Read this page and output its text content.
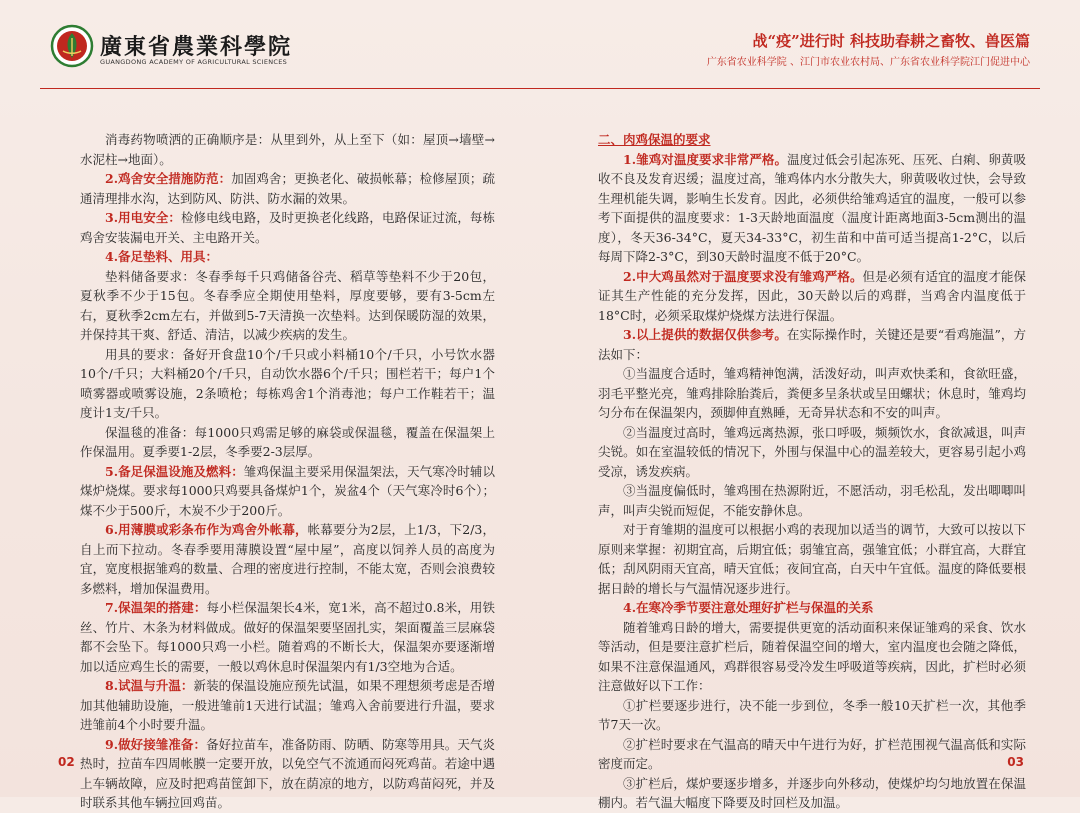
廣東省農業科學院
GUANGDONG ACADEMY OF AGRICULTURAL SCIENCES
战“疫”进行时 科技助春耕之畜牧、兽医篇
广东省农业科学院 、江门市农业农村局、广东省农业科学院江门促进中心

消毒药物喷洒的正确顺序是：从里到外，从上至下（如：屋顶→墙壁→水泥柱→地面）。

2.鸡舍安全措施防范：加固鸡舍；更换老化、破损帐幕；检修屋顶；疏通清理排水沟，达到防风、防洪、防水漏的效果。

3.用电安全：检修电线电路，及时更换老化线路，电路保证过流，每栋鸡舍安装漏电开关、主电路开关。

4.备足垫料、用具：

垫料储备要求：冬春季每千只鸡储备谷壳、稻草等垫料不少于20包，夏秋季不少于15包。冬春季应全期使用垫料，厚度要够，要有3-5cm左右，夏秋季2cm左右，并做到5-7天清换一次垫料。达到保暖防湿的效果，并保持其干爽、舒适、清洁，以减少疾病的发生。

用具的要求：备好开食盘10个/千只或小料桶10个/千只，小号饮水器10个/千只；大料桶20个/千只，自动饮水器6个/千只；围栏若干；每户1个喷雾器或喷雾设施，2条喷枪；每栋鸡舍1个消毒池；每户工作鞋若干；温度计1支/千只。

保温毯的准备：每1000只鸡需足够的麻袋或保温毯，覆盖在保温架上作保温用。夏季要1-2层，冬季要2-3层厚。

5.备足保温设施及燃料：雏鸡保温主要采用保温架法，天气寒冷时辅以煤炉烧煤。要求每1000只鸡要具备煤炉1个，炭盆4个（天气寒冷时6个）；煤不少于500斤，木炭不少于200斤。

6.用薄膜或彩条布作为鸡舍外帐幕，帐幕要分为2层，上1/3，下2/3，自上而下拉动。冬春季要用薄膜设置“屋中屋”，高度以饲养人员的高度为宜，宽度根据雏鸡的数量、合理的密度进行控制，不能太宽，否则会浪费较多燃料，增加保温费用。

7.保温架的搭建：每小栏保温架长4米，宽1米，高不超过0.8米，用铁丝、竹片、木条为材料做成。做好的保温架要坚固扎实，架面覆盖三层麻袋都不会坠下。每1000只鸡一小栏。随着鸡的不断长大，保温架亦要逐渐增加以适应鸡生长的需要，一般以鸡休息时保温架内有1/3空地为合适。

8.试温与升温：新装的保温设施应预先试温，如果不理想须考虑是否增加其他辅助设施，一般进雏前1天进行试温；雏鸡入舍前要进行升温，要求进雏前4个小时要升温。

9.做好接雏准备：备好拉苗车，准备防雨、防晒、防寒等用具。天气炎热时，拉苗车四周帐膜一定要开放，以免空气不流通而闷死鸡苗。若途中遇上车辆故障，应及时把鸡苗筐卸下，放在荫凉的地方，以防鸡苗闷死，并及时联系其他车辆拉回鸡苗。

二、肉鸡保温的要求

1.雏鸡对温度要求非常严格。温度过低会引起冻死、压死、白痢、卵黄吸收不良及发育迟缓；温度过高，雏鸡体内水分散失大，卵黄吸收过快，会导致生理机能失调，影响生长发育。因此，必须供给雏鸡适宜的温度，一般可以参考下面提供的温度要求：1-3天龄地面温度（温度计距离地面3-5cm测出的温度），冬天36-34°C，夏天34-33°C，初生苗和中苗可适当提高1-2°C，以后每周下降2-3°C，到30天龄时温度不低于20°C。

2.中大鸡虽然对于温度要求没有雏鸡严格。但是必须有适宜的温度才能保证其生产性能的充分发挥，因此，30天龄以后的鸡群，当鸡舍内温度低于18°C时，必须采取煤炉烧煤方法进行保温。

3.以上提供的数据仅供参考。在实际操作时，关键还是要“看鸡施温”，方法如下：

①当温度合适时，雏鸡精神饱满，活泼好动，叫声欢快柔和，食欲旺盛，羽毛平整光亮，雏鸡排除胎粪后，粪便多呈条状或呈田螺状；休息时，雏鸡均匀分布在保温架内，颈脚伸直熟睡，无奇异状态和不安的叫声。

②当温度过高时，雏鸡远离热源，张口呼吸，频频饮水，食欲减退，叫声尖锐。如在室温较低的情况下，外围与保温中心的温差较大，更容易引起小鸡受凉，诱发疾病。

③当温度偏低时，雏鸡围在热源附近，不愿活动，羽毛松乱，发出唧唧叫声，叫声尖锐而短促，不能安静休息。

对于育雏期的温度可以根据小鸡的表现加以适当的调节，大致可以按以下原则来掌握：初期宜高，后期宜低；弱雏宜高，强雏宜低；小群宜高，大群宜低；刮风阴雨天宜高，晴天宜低；夜间宜高，白天中午宜低。温度的降低要根据日龄的增长与气温情况逐步进行。

4.在寒冷季节要注意处理好扩栏与保温的关系

随着雏鸡日龄的增大，需要提供更宽的活动面积来保证雏鸡的采食、饮水等活动，但是要注意扩栏后，随着保温空间的增大，室内温度也会随之降低，如果不注意保温通风，鸡群很容易受冷发生呼吸道等疾病，因此，扩栏时必须注意做好以下工作：

①扩栏要逐步进行，决不能一步到位，冬季一般10天扩栏一次，其他季节7天一次。

②扩栏时要求在气温高的晴天中午进行为好，扩栏范围视气温高低和实际密度而定。

③扩栏后，煤炉要逐步增多，并逐步向外移动，使煤炉均匀地放置在保温棚内。若气温大幅度下降要及时回栏及加温。

02	03
